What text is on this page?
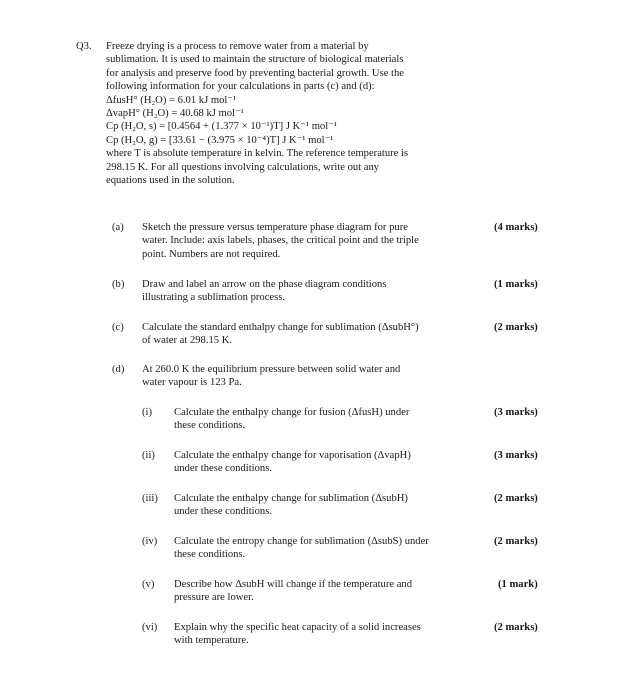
Q3. Freeze drying is a process to remove water from a material by
sublimation. It is used to maintain the structure of biological materials
for analysis and preserve food by preventing bacterial growth. Use the
following information for your calculations in parts (c) and (d):
ΔfusH° (H₂O) = 6.01 kJ mol⁻¹
ΔvapH° (H₂O) = 40.68 kJ mol⁻¹
Cp (H₂O, s) = [0.4564 + (1.377 × 10⁻¹)T] J K⁻¹ mol⁻¹
Cp (H₂O, g) = [33.61 − (3.975 × 10⁻⁴)T] J K⁻¹ mol⁻¹
where T is absolute temperature in kelvin. The reference temperature is
298.15 K. For all questions involving calculations, write out any
equations used in the solution.
(a) Sketch the pressure versus temperature phase diagram for pure
water. Include: axis labels, phases, the critical point and the triple
point. Numbers are not required.
(4 marks)
(b) Draw and label an arrow on the phase diagram conditions
illustrating a sublimation process.
(1 marks)
(c) Calculate the standard enthalpy change for sublimation (ΔsubH°)
of water at 298.15 K.
(2 marks)
(d) At 260.0 K the equilibrium pressure between solid water and
water vapour is 123 Pa.
(i) Calculate the enthalpy change for fusion (ΔfusH) under
these conditions.
(3 marks)
(ii) Calculate the enthalpy change for vaporisation (ΔvapH)
under these conditions.
(3 marks)
(iii) Calculate the enthalpy change for sublimation (ΔsubH)
under these conditions.
(2 marks)
(iv) Calculate the entropy change for sublimation (ΔsubS) under
these conditions.
(2 marks)
(v) Describe how ΔsubH will change if the temperature and
pressure are lower.
(1 mark)
(vi) Explain why the specific heat capacity of a solid increases
with temperature.
(2 marks)
